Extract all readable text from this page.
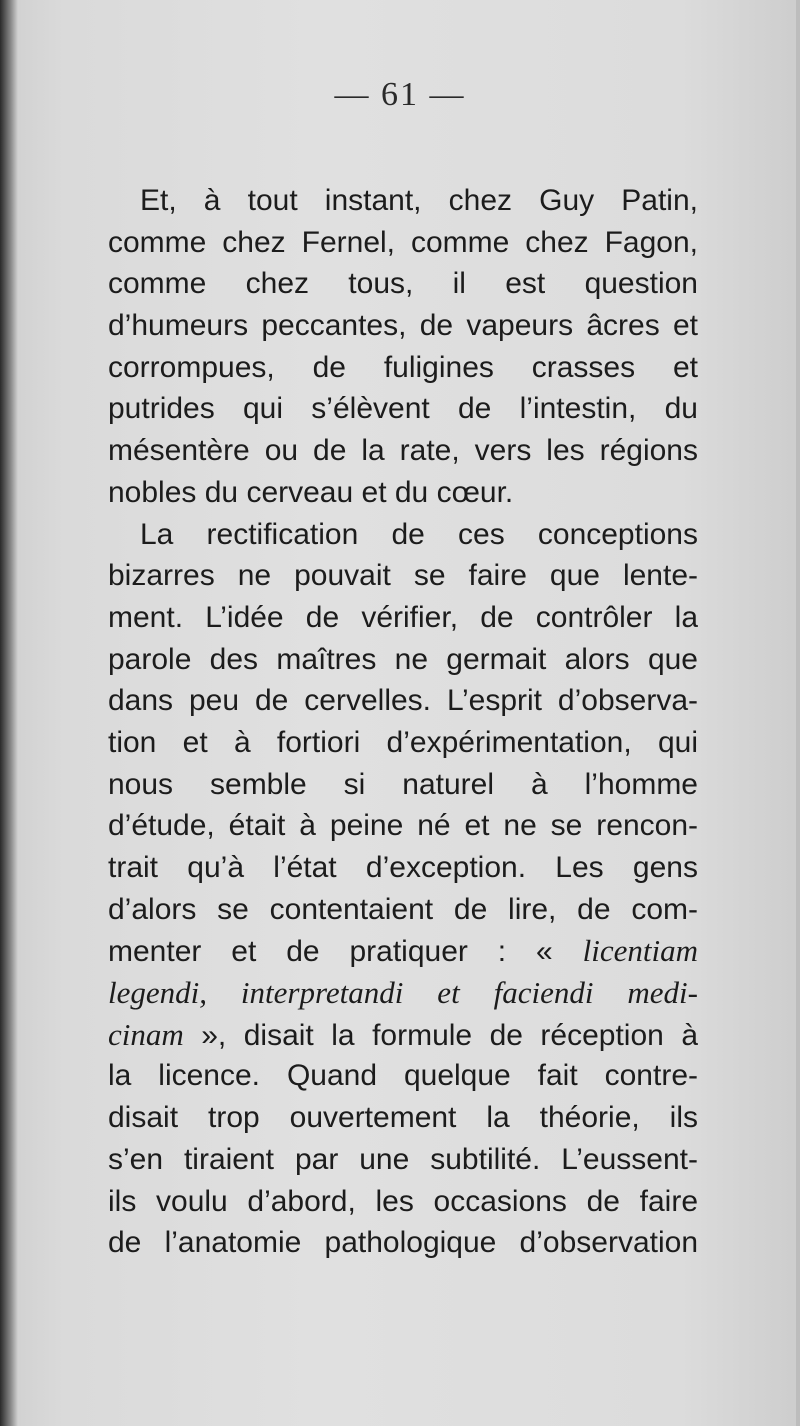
— 61 —
Et, à tout instant, chez Guy Patin,
comme chez Fernel, comme chez Fagon,
comme chez tous, il est question
d’humeurs peccantes, de vapeurs âcres et
corrompues, de fuligines crasses et
putrides qui s’élèvent de l’intestin, du
mésentère ou de la rate, vers les régions
nobles du cerveau et du cœur.
La rectification de ces conceptions
bizarres ne pouvait se faire que lente-
ment. L’idée de vérifier, de contrôler la
parole des maîtres ne germait alors que
dans peu de cervelles. L’esprit d’observa-
tion et à fortiori d’expérimentation, qui
nous semble si naturel à l’homme
d’étude, était à peine né et ne se rencon-
trait qu’à l’état d’exception. Les gens
d’alors se contentaient de lire, de com-
menter et de pratiquer : « licentiam
legendi, interpretandi et faciendi medi-
cinam », disait la formule de réception à
la licence. Quand quelque fait contre-
disait trop ouvertement la théorie, ils
s’en tiraient par une subtilité. L’eussent-
ils voulu d’abord, les occasions de faire
de l’anatomie pathologique d’observation
